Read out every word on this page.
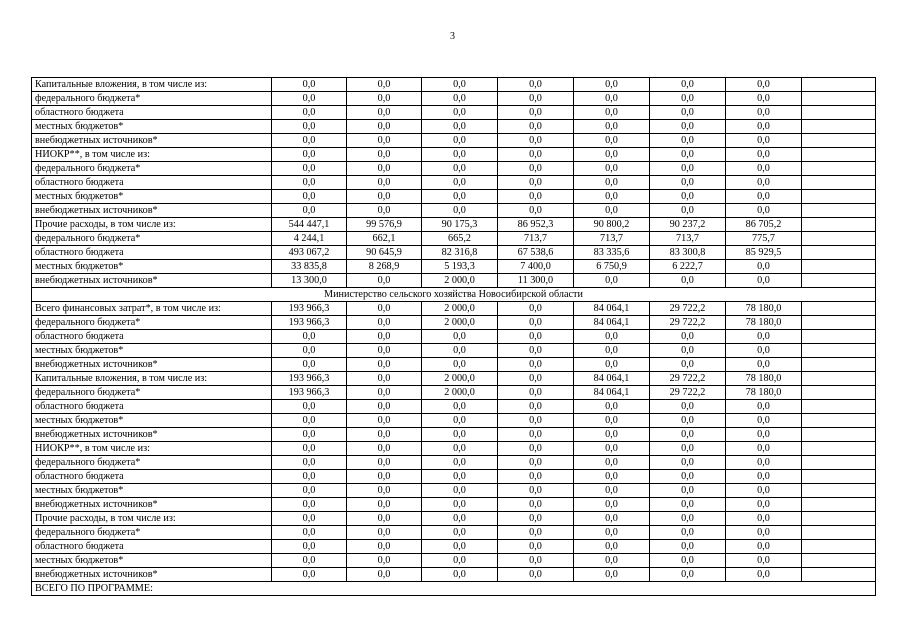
3
Капитальные вложения, в том числе из:	0,0	0,0	0,0	0,0	0,0	0,0	0,0	
федерального бюджета*	0,0	0,0	0,0	0,0	0,0	0,0	0,0	
областного бюджета	0,0	0,0	0,0	0,0	0,0	0,0	0,0	
местных бюджетов*	0,0	0,0	0,0	0,0	0,0	0,0	0,0	
внебюджетных источников*	0,0	0,0	0,0	0,0	0,0	0,0	0,0	
НИОКР**, в том числе из:	0,0	0,0	0,0	0,0	0,0	0,0	0,0	
федерального бюджета*	0,0	0,0	0,0	0,0	0,0	0,0	0,0	
областного бюджета	0,0	0,0	0,0	0,0	0,0	0,0	0,0	
местных бюджетов*	0,0	0,0	0,0	0,0	0,0	0,0	0,0	
внебюджетных источников*	0,0	0,0	0,0	0,0	0,0	0,0	0,0	
Прочие расходы, в том числе из:	544 447,1	99 576,9	90 175,3	86 952,3	90 800,2	90 237,2	86 705,2	
федерального бюджета*	4 244,1	662,1	665,2	713,7	713,7	713,7	775,7	
областного бюджета	493 067,2	90 645,9	82 316,8	67 538,6	83 335,6	83 300,8	85 929,5	
местных бюджетов*	33 835,8	8 268,9	5 193,3	7 400,0	6 750,9	6 222,7	0,0	
внебюджетных источников*	13 300,0	0,0	2 000,0	11 300,0	0,0	0,0	0,0	
Министерство сельского хозяйства Новосибирской области								
Всего финансовых затрат*, в том числе из:	193 966,3	0,0	2 000,0	0,0	84 064,1	29 722,2	78 180,0	
федерального бюджета*	193 966,3	0,0	2 000,0	0,0	84 064,1	29 722,2	78 180,0	
областного бюджета	0,0	0,0	0,0	0,0	0,0	0,0	0,0	
местных бюджетов*	0,0	0,0	0,0	0,0	0,0	0,0	0,0	
внебюджетных источников*	0,0	0,0	0,0	0,0	0,0	0,0	0,0	
Капитальные вложения, в том числе из:	193 966,3	0,0	2 000,0	0,0	84 064,1	29 722,2	78 180,0	
федерального бюджета*	193 966,3	0,0	2 000,0	0,0	84 064,1	29 722,2	78 180,0	
областного бюджета	0,0	0,0	0,0	0,0	0,0	0,0	0,0	
местных бюджетов*	0,0	0,0	0,0	0,0	0,0	0,0	0,0	
внебюджетных источников*	0,0	0,0	0,0	0,0	0,0	0,0	0,0	
НИОКР**, в том числе из:	0,0	0,0	0,0	0,0	0,0	0,0	0,0	
федерального бюджета*	0,0	0,0	0,0	0,0	0,0	0,0	0,0	
областного бюджета	0,0	0,0	0,0	0,0	0,0	0,0	0,0	
местных бюджетов*	0,0	0,0	0,0	0,0	0,0	0,0	0,0	
внебюджетных источников*	0,0	0,0	0,0	0,0	0,0	0,0	0,0	
Прочие расходы, в том числе из:	0,0	0,0	0,0	0,0	0,0	0,0	0,0	
федерального бюджета*	0,0	0,0	0,0	0,0	0,0	0,0	0,0	
областного бюджета	0,0	0,0	0,0	0,0	0,0	0,0	0,0	
местных бюджетов*	0,0	0,0	0,0	0,0	0,0	0,0	0,0	
внебюджетных источников*	0,0	0,0	0,0	0,0	0,0	0,0	0,0	
ВСЕГО ПО ПРОГРАММЕ:								
